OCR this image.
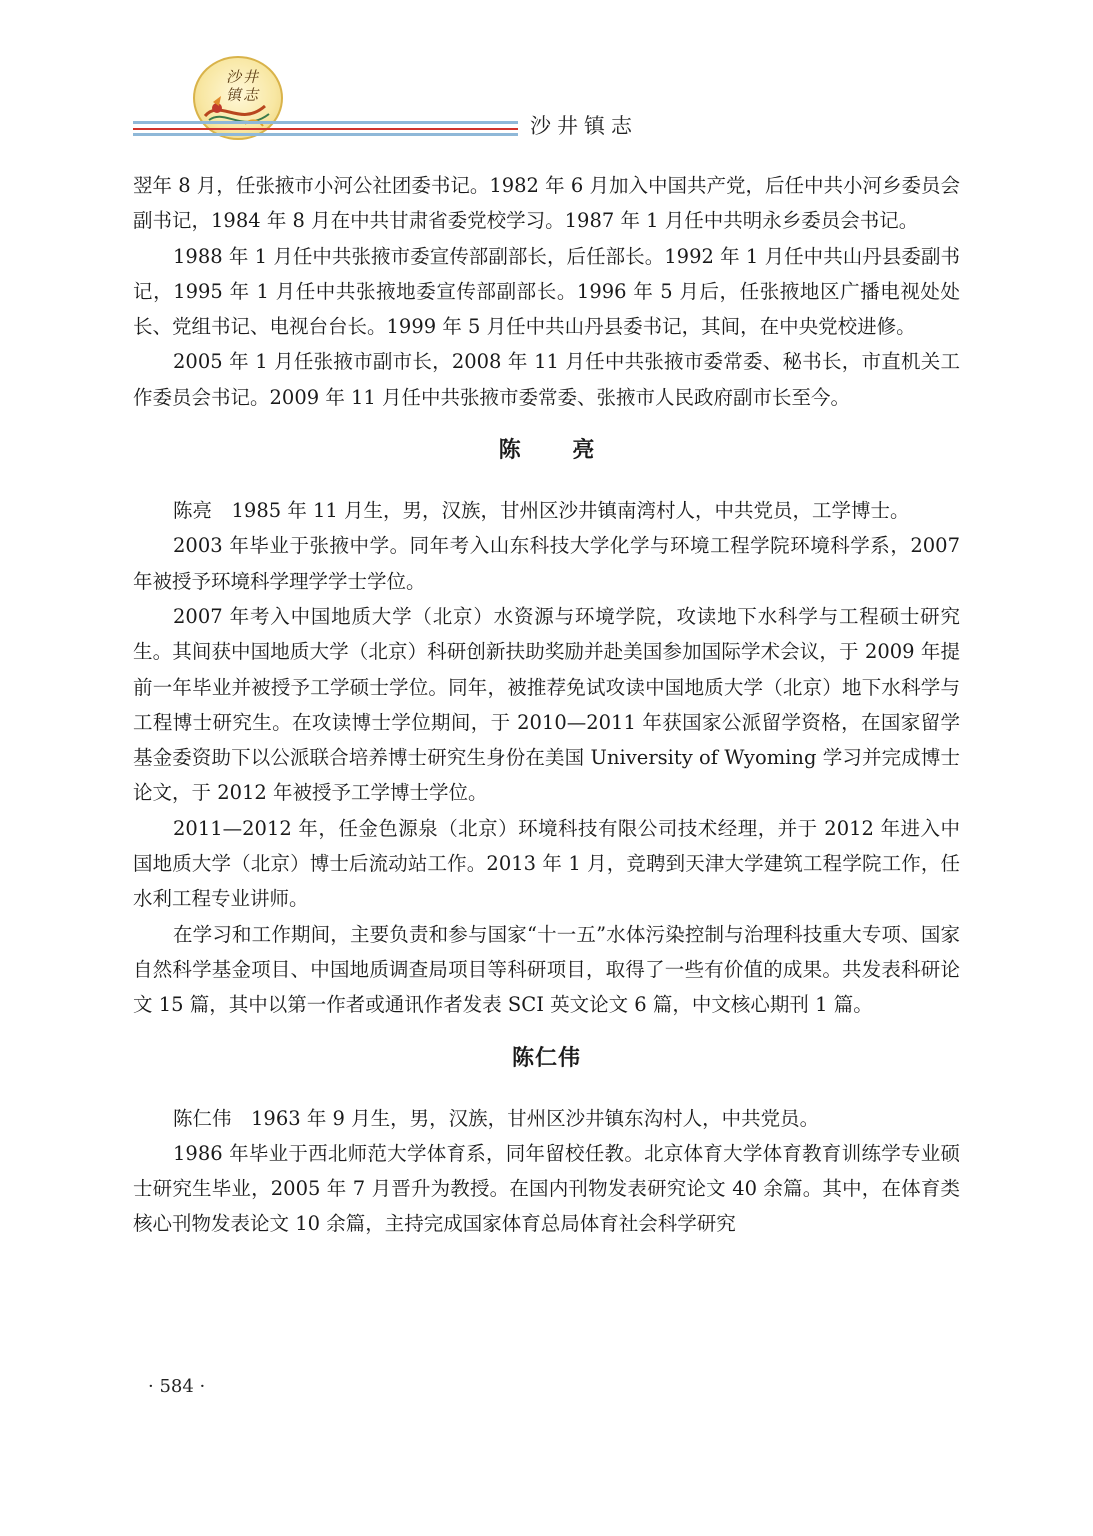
沙井
镇志
沙井镇志

翌年 8 月，任张掖市小河公社团委书记。1982 年 6 月加入中国共产党，后任中共小河乡委员会副书记，1984 年 8 月在中共甘肃省委党校学习。1987 年 1 月任中共明永乡委员会书记。

1988 年 1 月任中共张掖市委宣传部副部长，后任部长。1992 年 1 月任中共山丹县委副书记，1995 年 1 月任中共张掖地委宣传部副部长。1996 年 5 月后，任张掖地区广播电视处处长、党组书记、电视台台长。1999 年 5 月任中共山丹县委书记，其间，在中央党校进修。

2005 年 1 月任张掖市副市长，2008 年 11 月任中共张掖市委常委、秘书长，市直机关工作委员会书记。2009 年 11 月任中共张掖市委常委、张掖市人民政府副市长至今。

陈 亮

陈亮　1985 年 11 月生，男，汉族，甘州区沙井镇南湾村人，中共党员，工学博士。

2003 年毕业于张掖中学。同年考入山东科技大学化学与环境工程学院环境科学系，2007 年被授予环境科学理学学士学位。

2007 年考入中国地质大学（北京）水资源与环境学院，攻读地下水科学与工程硕士研究生。其间获中国地质大学（北京）科研创新扶助奖励并赴美国参加国际学术会议，于 2009 年提前一年毕业并被授予工学硕士学位。同年，被推荐免试攻读中国地质大学（北京）地下水科学与工程博士研究生。在攻读博士学位期间，于 2010—2011 年获国家公派留学资格，在国家留学基金委资助下以公派联合培养博士研究生身份在美国 University of Wyoming 学习并完成博士论文，于 2012 年被授予工学博士学位。

2011—2012 年，任金色源泉（北京）环境科技有限公司技术经理，并于 2012 年进入中国地质大学（北京）博士后流动站工作。2013 年 1 月，竞聘到天津大学建筑工程学院工作，任水利工程专业讲师。

在学习和工作期间，主要负责和参与国家“十一五”水体污染控制与治理科技重大专项、国家自然科学基金项目、中国地质调查局项目等科研项目，取得了一些有价值的成果。共发表科研论文 15 篇，其中以第一作者或通讯作者发表 SCI 英文论文 6 篇，中文核心期刊 1 篇。

陈仁伟

陈仁伟　1963 年 9 月生，男，汉族，甘州区沙井镇东沟村人，中共党员。

1986 年毕业于西北师范大学体育系，同年留校任教。北京体育大学体育教育训练学专业硕士研究生毕业，2005 年 7 月晋升为教授。在国内刊物发表研究论文 40 余篇。其中，在体育类核心刊物发表论文 10 余篇，主持完成国家体育总局体育社会科学研究

· 584 ·
